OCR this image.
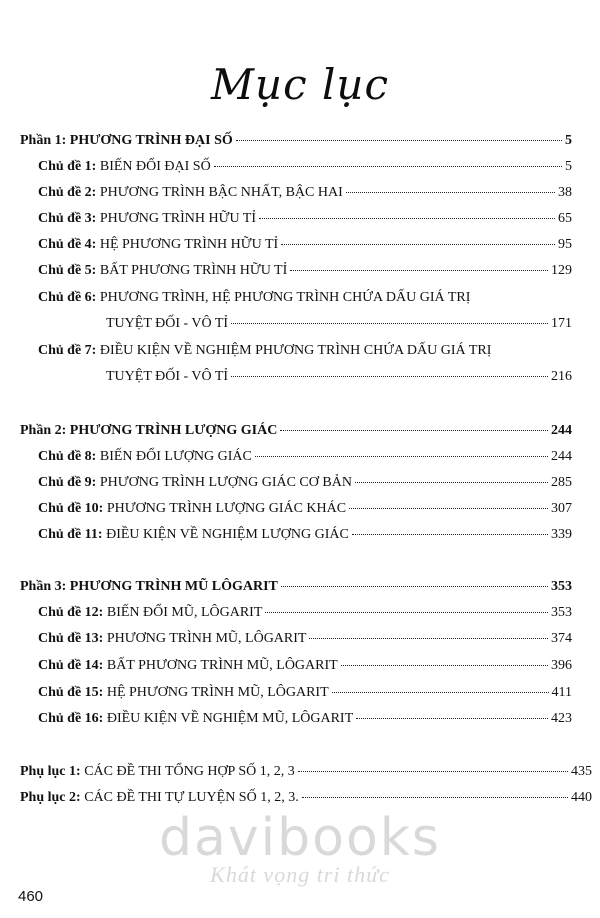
Mục lục
Phần 1:
PHƯƠNG TRÌNH ĐẠI SỐ	5
Chủ đề 1:
BIẾN ĐỔI ĐẠI SỐ	5
Chủ đề 2:
PHƯƠNG TRÌNH BẬC NHẤT, BẬC HAI	38
Chủ đề 3:
PHƯƠNG TRÌNH HỮU TỈ	65
Chủ đề 4:
HỆ PHƯƠNG TRÌNH HỮU TỈ	95
Chủ đề 5:
BẤT PHƯƠNG TRÌNH HỮU TỈ	129
Chủ đề 6: PHƯƠNG TRÌNH, HỆ PHƯƠNG TRÌNH CHỨA DẤU GIÁ TRỊ
TUYỆT ĐỐI - VÔ TỈ	171
Chủ đề 7: ĐIỀU KIỆN VỀ NGHIỆM PHƯƠNG TRÌNH CHỨA DẤU GIÁ TRỊ
TUYỆT ĐỐI - VÔ TỈ	216
Phần 2:
PHƯƠNG TRÌNH LƯỢNG GIÁC	244
Chủ đề 8:
BIẾN ĐỔI LƯỢNG GIÁC	244
Chủ đề 9:
PHƯƠNG TRÌNH LƯỢNG GIÁC CƠ BẢN	285
Chủ đề 10:
PHƯƠNG TRÌNH LƯỢNG GIÁC KHÁC	307
Chủ đề 11:
ĐIỀU KIỆN VỀ NGHIỆM LƯỢNG GIÁC	339
Phần 3:
PHƯƠNG TRÌNH MŨ LÔGARIT	353
Chủ đề 12:
BIẾN ĐỔI MŨ, LÔGARIT	353
Chủ đề 13:
PHƯƠNG TRÌNH MŨ, LÔGARIT	374
Chủ đề 14:
BẤT PHƯƠNG TRÌNH MŨ, LÔGARIT	396
Chủ đề 15:
HỆ PHƯƠNG TRÌNH MŨ, LÔGARIT	411
Chủ đề 16:
ĐIỀU KIỆN VỀ NGHIỆM MŨ, LÔGARIT	423
Phụ lục 1:
CÁC ĐỀ THI TỔNG HỢP SỐ 1, 2, 3	435
Phụ lục 2:
CÁC ĐỀ THI TỰ LUYỆN SỐ 1, 2, 3.	440
davibooks
Khát vọng tri thức
460
